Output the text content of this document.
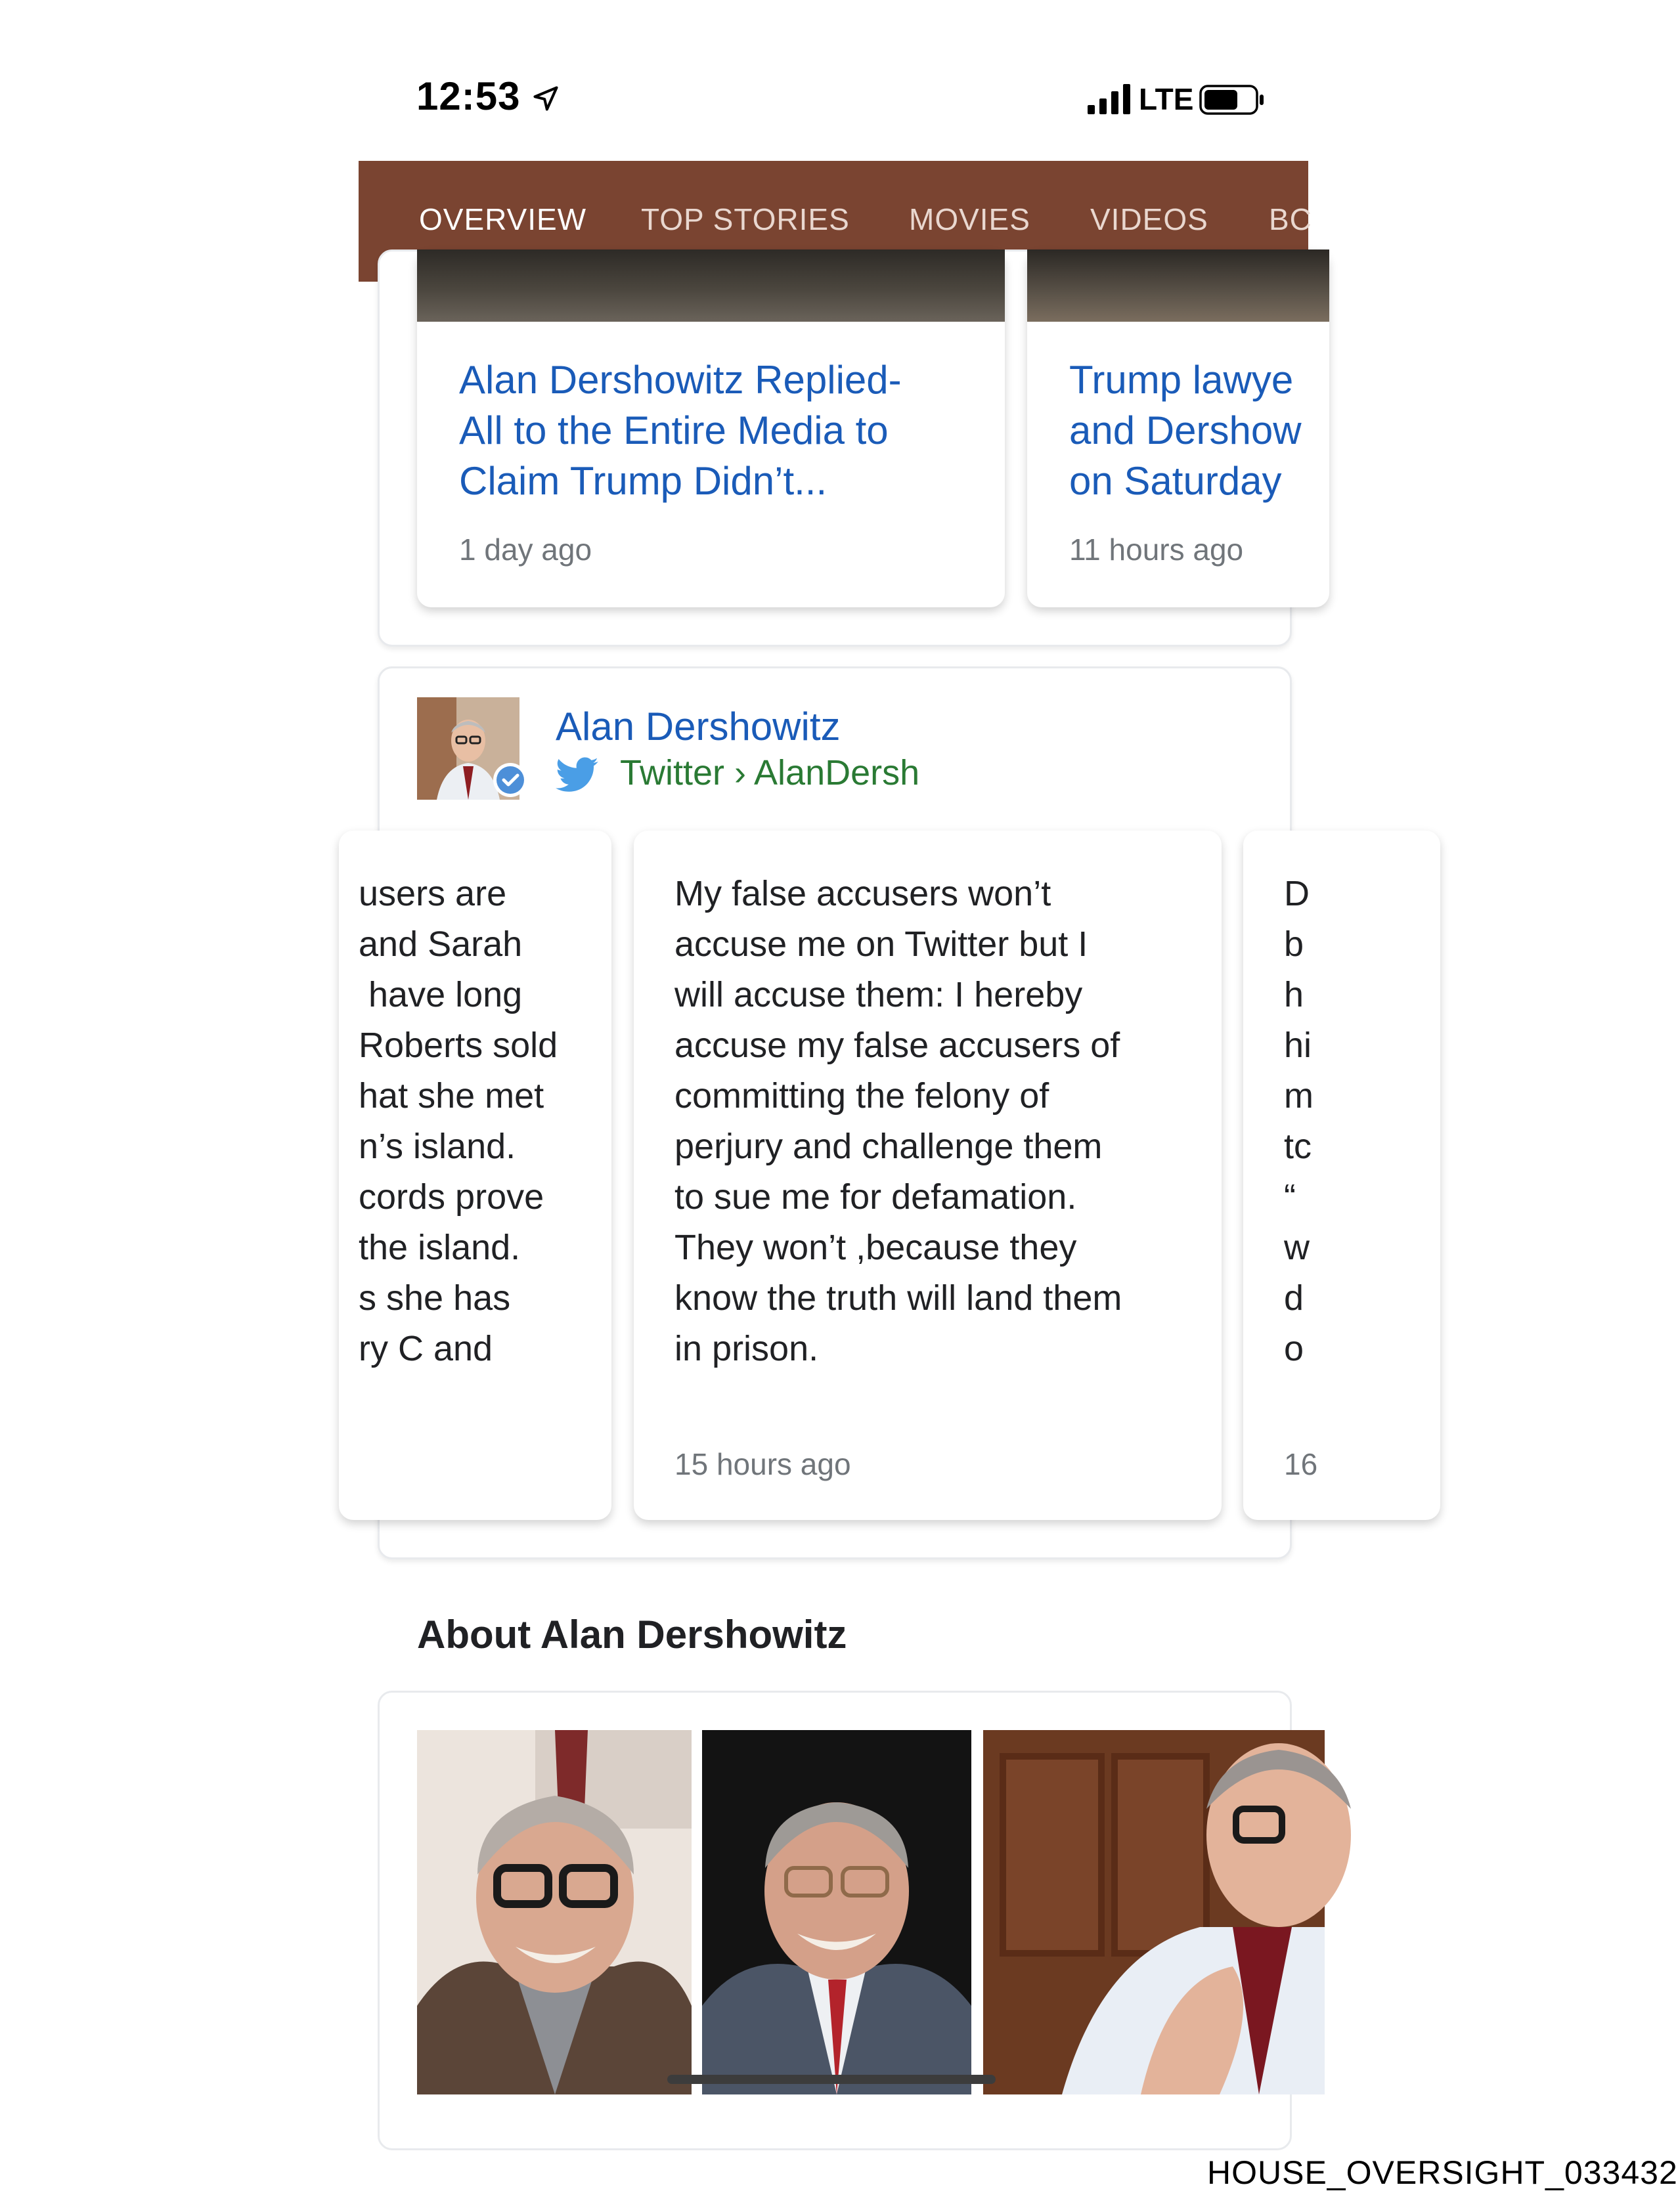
12:53	LTE
OVERVIEW TOP STORIES MOVIES VIDEOS BC
Alan Dershowitz Replied-
All to the Entire Media to
Claim Trump Didn’t...
1 day ago
Trump lawye
and Dershow
on Saturday
11 hours ago
Alan Dershowitz
Twitter › AlanDersh
users are
and Sarah
have long
Roberts sold
hat she met
n’s island.
cords prove
the island.
s she has
ry C and
My false accusers won’t
accuse me on Twitter but I
will accuse them: I hereby
accuse my false accusers of
committing the felony of
perjury and challenge them
to sue me for defamation.
They won’t ,because they
know the truth will land them
in prison.
15 hours ago
D
b
h
hi
m
tc
“
w
d
o
16
About Alan Dershowitz
HOUSE_OVERSIGHT_033432
